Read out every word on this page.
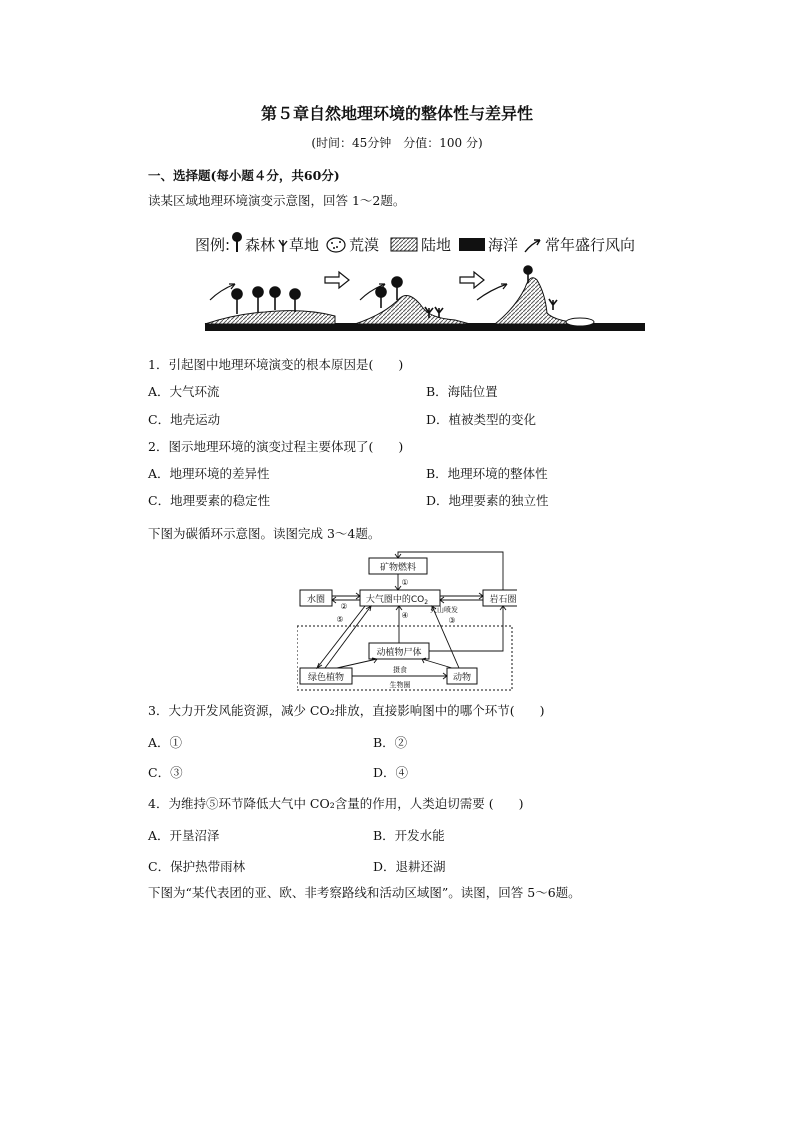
第５章自然地理环境的整体性与差异性
(时间：45分钟　分值：100 分)
一、选择题(每小题４分，共60分)
读某区域地理环境演变示意图，回答 1～2题。
图例: 森林 草地 荒漠	陆地 海洋 常年盛行风向
1．引起图中地理环境演变的根本原因是(　　)
A．大气环流	B．海陆位置
C．地壳运动	D．植被类型的变化
2．图示地理环境的演变过程主要体现了(　　)
A．地理环境的差异性	B．地理环境的整体性
C．地理要素的稳定性	D．地理要素的独立性
下图为碳循环示意图。读图完成 3～4题。
矿物燃料
水圈	大气圈中的$CO_2$	岩石圈
动植物尸体
绿色植物	动物
①
②
⑤	④
③
火山喷发
摄食
生物圈
3．大力开发风能资源，减少 CO₂排放，直接影响图中的哪个环节(　　)
A．①	B．②
C．③	D．④
4．为维持⑤环节降低大气中 CO₂含量的作用，人类迫切需要 (　　)
A．开垦沼泽	B．开发水能
C．保护热带雨林	D．退耕还湖
下图为“某代表团的亚、欧、非考察路线和活动区域图”。读图，回答 5～6题。
